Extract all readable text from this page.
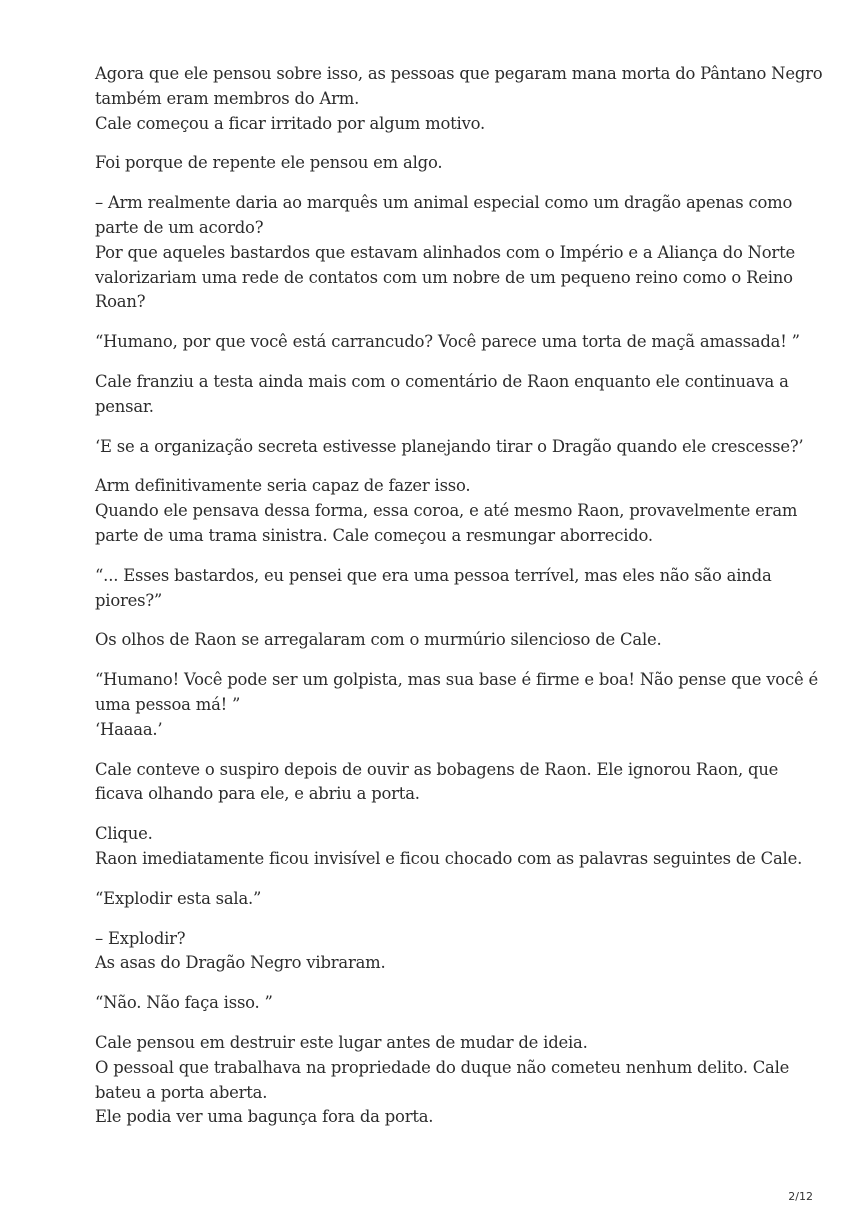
Agora que ele pensou sobre isso, as pessoas que pegaram mana morta do Pântano Negro
também eram membros do Arm.
Cale começou a ficar irritado por algum motivo.
Foi porque de repente ele pensou em algo.
– Arm realmente daria ao marquês um animal especial como um dragão apenas como
parte de um acordo?
Por que aqueles bastardos que estavam alinhados com o Império e a Aliança do Norte
valorizariam uma rede de contatos com um nobre de um pequeno reino como o Reino
Roan?
“Humano, por que você está carrancudo? Você parece uma torta de maçã amassada! ”
Cale franziu a testa ainda mais com o comentário de Raon enquanto ele continuava a
pensar.
‘E se a organização secreta estivesse planejando tirar o Dragão quando ele crescesse?’
Arm definitivamente seria capaz de fazer isso.
Quando ele pensava dessa forma, essa coroa, e até mesmo Raon, provavelmente eram
parte de uma trama sinistra. Cale começou a resmungar aborrecido.
“... Esses bastardos, eu pensei que era uma pessoa terrível, mas eles não são ainda
piores?”
Os olhos de Raon se arregalaram com o murmúrio silencioso de Cale.
“Humano! Você pode ser um golpista, mas sua base é firme e boa! Não pense que você é
uma pessoa má! ”
‘Haaaa.’
Cale conteve o suspiro depois de ouvir as bobagens de Raon. Ele ignorou Raon, que
ficava olhando para ele, e abriu a porta.
Clique.
Raon imediatamente ficou invisível e ficou chocado com as palavras seguintes de Cale.
“Explodir esta sala.”
– Explodir?
As asas do Dragão Negro vibraram.
“Não. Não faça isso. ”
Cale pensou em destruir este lugar antes de mudar de ideia.
O pessoal que trabalhava na propriedade do duque não cometeu nenhum delito. Cale
bateu a porta aberta.
Ele podia ver uma bagunça fora da porta.
2/12
